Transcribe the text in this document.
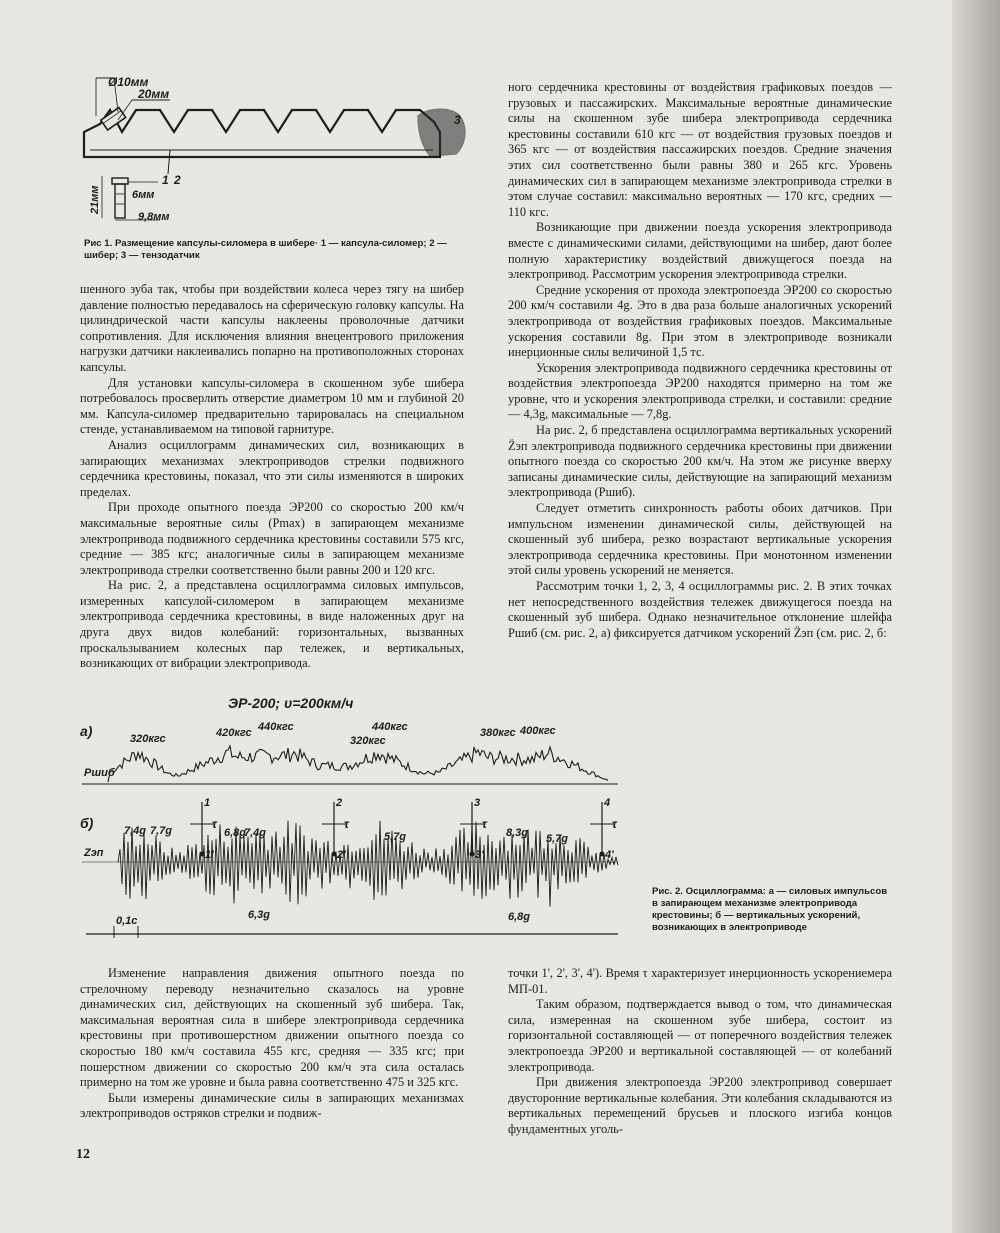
Ø10мм
20мм
3
1 2
21мм	6мм
9,8мм
Рис 1. Размещение капсулы-силомера в шибере· 1 — капсула-силомер; 2 — шибер; 3 — тензодатчик

шенного зуба так, чтобы при воздействии колеса через тягу на шибер давление полностью передавалось на сферическую головку капсулы. На цилиндрической части капсулы наклеены проволочные датчики сопротивления. Для исключения влияния внецентрового приложения нагрузки датчики наклеивались попарно на противоположных сторонах капсулы.

Для установки капсулы-силомера в скошенном зубе шибера потребовалось просверлить отверстие диаметром 10 мм и глубиной 20 мм. Капсула-силомер предварительно тарировалась на специальном стенде, устанавливаемом на типовой гарнитуре.

Анализ осциллограмм динамических сил, возникающих в запирающих механизмах электроприводов стрелки подвижного сердечника крестовины, показал, что эти силы изменяются в широких пределах.

При проходе опытного поезда ЭР200 со скоростью 200 км/ч максимальные вероятные силы (Pmax) в запирающем механизме электропривода подвижного сердечника крестовины составили 575 кгс, средние — 385 кгс; аналогичные силы в запирающем механизме электропривода стрелки соответственно были равны 200 и 120 кгс.

На рис. 2, а представлена осциллограмма силовых импульсов, измеренных капсулой-силомером в запирающем механизме электропривода сердечника крестовины, в виде наложенных друг на друга двух видов колебаний: горизонтальных, вызванных проскальзыванием колесных пар тележек, и вертикальных, возникающих от вибрации электропривода.

ного сердечника крестовины от воздействия графиковых поездов — грузовых и пассажирских. Максимальные вероятные динамические силы на скошенном зубе шибера электропривода сердечника крестовины составили 610 кгс — от воздействия грузовых поездов и 365 кгс — от воздействия пассажирских поездов. Средние значения этих сил соответственно были равны 380 и 265 кгс. Уровень динамических сил в запирающем механизме электропривода стрелки в этом случае составил: максимально вероятных — 170 кгс, средних — 110 кгс.

Возникающие при движении поезда ускорения электропривода вместе с динамическими силами, действующими на шибер, дают более полную характеристику воздействий движущегося поезда на электропривод. Рассмотрим ускорения электропривода стрелки.

Средние ускорения от прохода электропоезда ЭР200 со скоростью 200 км/ч составили 4g. Это в два раза больше аналогичных ускорений электропривода от воздействия графиковых поездов. Максимальные ускорения составили 8g. При этом в электроприводе возникали инерционные силы величиной 1,5 тс.

Ускорения электропривода подвижного сердечника крестовины от воздействия электропоезда ЭР200 находятся примерно на том же уровне, что и ускорения электропривода стрелки, и составили: средние — 4,3g, максимальные — 7,8g.

На рис. 2, б представлена осциллограмма вертикальных ускорений Z̈эп электропривода подвижного сердечника крестовины при движении опытного поезда со скоростью 200 км/ч. На этом же рисунке вверху записаны динамические силы, действующие на запирающий механизм электропривода (Pшиб).

Следует отметить синхронность работы обоих датчиков. При импульсном изменении динамической силы, действующей на скошенный зуб шибера, резко возрастают вертикальные ускорения электропривода сердечника крестовины. При монотонном изменении этой силы уровень ускорений не меняется.

Рассмотрим точки 1, 2, 3, 4 осциллограммы рис. 2. В этих точках нет непосредственного воздействия тележек движущегося поезда на скошенный зуб шибера. Однако незначительное отклонение шлейфа Pшиб (см. рис. 2, а) фиксируется датчиком ускорений Z̈эп (см. рис. 2, б:

ЭР-200; υ=200км/ч
а)
б)
Pшиб
Zэп
320кгс	420кгс 440кгс	440кгс
320кгс
380кгс 400кгс
7,4g 7,7g	6,8g
7,4g	5,7g	8,3g 5,7g
6,3g	6,8g
1
1'
τ
2
2'
τ
3
3'
τ
4
4'
τ
0,1с
Рис. 2. Осциллограмма: а — силовых импульсов в запирающем механизме электропривода крестовины; б — вертикальных ускорений, возникающих в электроприводе

Изменение направления движения опытного поезда по стрелочному переводу незначительно сказалось на уровне динамических сил, действующих на скошенный зуб шибера. Так, максимальная вероятная сила в шибере электропривода сердечника крестовины при противошерстном движении опытного поезда со скоростью 180 км/ч составила 455 кгс, средняя — 335 кгс; при пошерстном движении со скоростью 200 км/ч эта сила осталась примерно на том же уровне и была равна соответственно 475 и 325 кгс.

Были измерены динамические силы в запирающих механизмах электроприводов остряков стрелки и подвиж-

точки 1', 2', 3', 4'). Время τ характеризует инерционность ускорениемера МП-01.

Таким образом, подтверждается вывод о том, что динамическая сила, измеренная на скошенном зубе шибера, состоит из горизонтальной составляющей — от поперечного воздействия тележек электропоезда ЭР200 и вертикальной составляющей — от колебаний электропривода.

При движения электропоезда ЭР200 электропривод совершает двусторонние вертикальные колебания. Эти колебания складываются из вертикальных перемещений брусьев и плоского изгиба концов фундаментных уголь-

12
